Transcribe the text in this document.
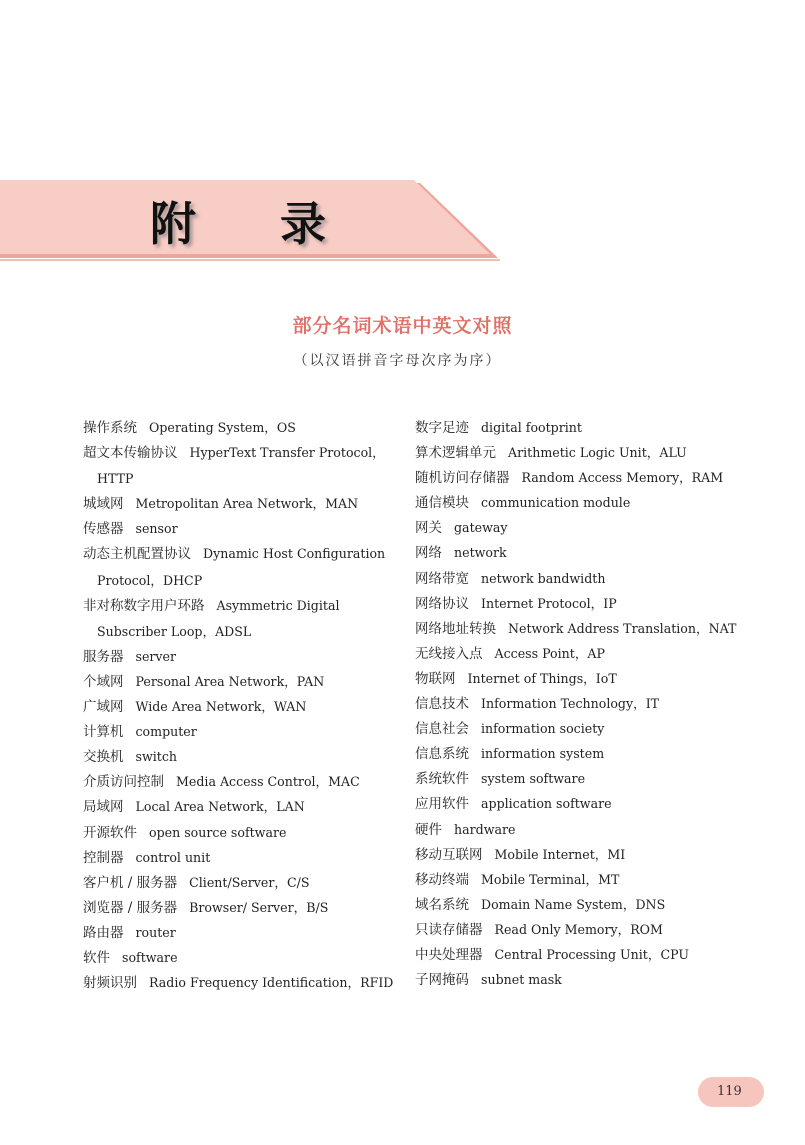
附 录
部分名词术语中英文对照
（以汉语拼音字母次序为序）
操作系统 Operating System，OS
超文本传输协议 HyperText Transfer Protocol，
HTTP
城域网 Metropolitan Area Network，MAN
传感器 sensor
动态主机配置协议 Dynamic Host Configuration
Protocol，DHCP
非对称数字用户环路 Asymmetric Digital
Subscriber Loop，ADSL
服务器 server
个域网 Personal Area Network，PAN
广域网 Wide Area Network，WAN
计算机 computer
交换机 switch
介质访问控制 Media Access Control，MAC
局域网 Local Area Network，LAN
开源软件 open source software
控制器 control unit
客户机 / 服务器 Client/Server，C/S
浏览器 / 服务器 Browser/ Server，B/S
路由器 router
软件 software
射频识别 Radio Frequency Identification，RFID
数字足迹 digital footprint
算术逻辑单元 Arithmetic Logic Unit，ALU
随机访问存储器 Random Access Memory，RAM
通信模块 communication module
网关 gateway
网络 network
网络带宽 network bandwidth
网络协议 Internet Protocol，IP
网络地址转换 Network Address Translation，NAT
无线接入点 Access Point，AP
物联网 Internet of Things，IoT
信息技术 Information Technology，IT
信息社会 information society
信息系统 information system
系统软件 system software
应用软件 application software
硬件 hardware
移动互联网 Mobile Internet，MI
移动终端 Mobile Terminal，MT
域名系统 Domain Name System，DNS
只读存储器 Read Only Memory，ROM
中央处理器 Central Processing Unit，CPU
子网掩码 subnet mask
119
